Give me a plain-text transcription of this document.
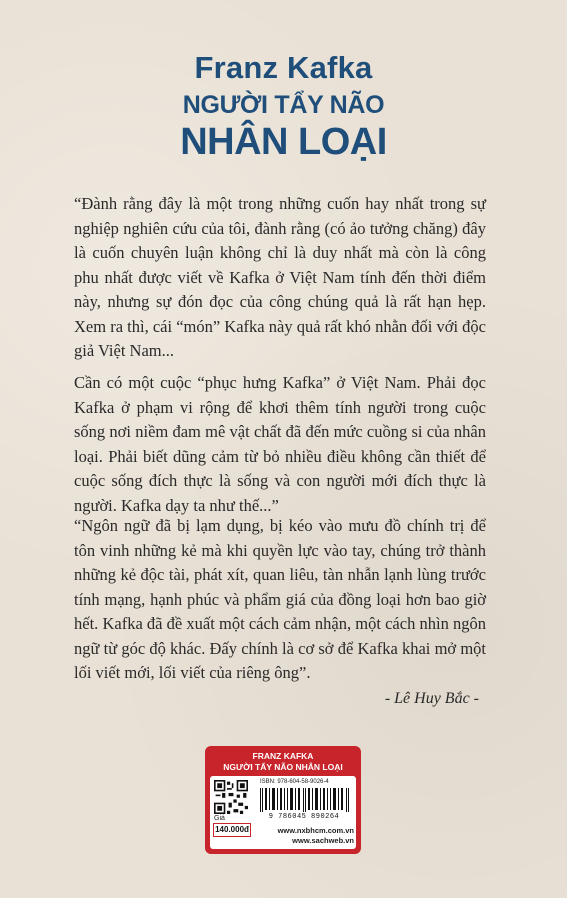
Franz Kafka
NGƯỜI TẨY NÃO
NHÂN LOẠI
“Đành rằng đây là một trong những cuốn hay nhất trong sự nghiệp nghiên cứu của tôi, đành rằng (có ảo tưởng chăng) đây là cuốn chuyên luận không chỉ là duy nhất mà còn là công phu nhất được viết về Kafka ở Việt Nam tính đến thời điểm này, nhưng sự đón đọc của công chúng quả là rất hạn hẹp. Xem ra thì, cái “món” Kafka này quả rất khó nhằn đối với độc giả Việt Nam...
Cần có một cuộc “phục hưng Kafka” ở Việt Nam. Phải đọc Kafka ở phạm vi rộng để khơi thêm tính người trong cuộc sống nơi niềm đam mê vật chất đã đến mức cuồng si của nhân loại. Phải biết dũng cảm từ bỏ nhiều điều không cần thiết để cuộc sống đích thực là sống và con người mới đích thực là người. Kafka dạy ta như thế...”
“Ngôn ngữ đã bị lạm dụng, bị kéo vào mưu đồ chính trị để tôn vinh những kẻ mà khi quyền lực vào tay, chúng trở thành những kẻ độc tài, phát xít, quan liêu, tàn nhẫn lạnh lùng trước tính mạng, hạnh phúc và phẩm giá của đồng loại hơn bao giờ hết. Kafka đã đề xuất một cách cảm nhận, một cách nhìn ngôn ngữ từ góc độ khác. Đấy chính là cơ sở để Kafka khai mở một lối viết mới, lối viết của riêng ông”.
- Lê Huy Bắc -
FRANZ KAFKA
NGƯỜI TẨY NÃO NHÂN LOẠI
Giá
140.000đ
ISBN: 978-604-58-9026-4
9 786045 890264
www.nxbhcm.com.vn
www.sachweb.vn
